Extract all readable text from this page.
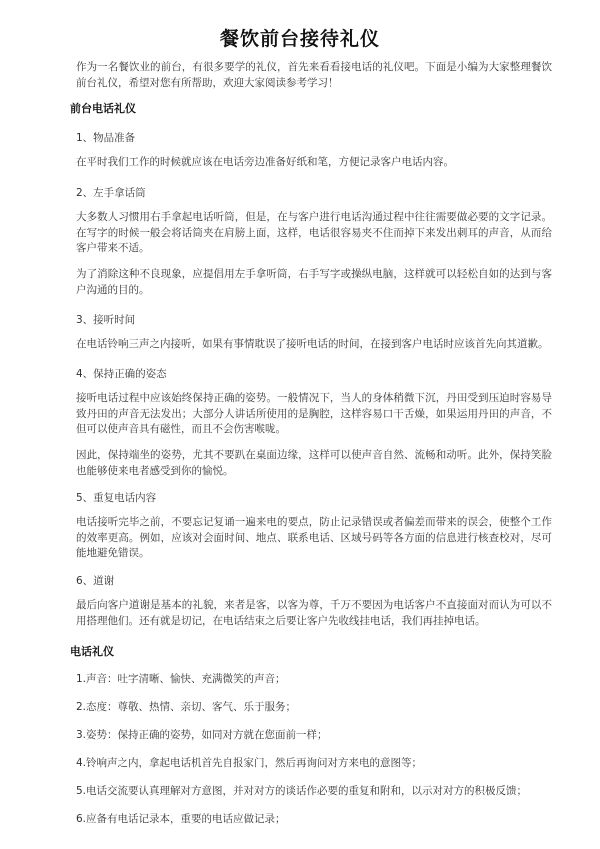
餐饮前台接待礼仪

作为一名餐饮业的前台，有很多要学的礼仪，首先来看看接电话的礼仪吧。下面是小编为大家整理餐饮前台礼仪，希望对您有所帮助，欢迎大家阅读参考学习！

前台电话礼仪
1、物品准备

在平时我们工作的时候就应该在电话旁边准备好纸和笔，方便记录客户电话内容。

2、左手拿话筒

大多数人习惯用右手拿起电话听筒，但是，在与客户进行电话沟通过程中往往需要做必要的文字记录。在写字的时候一般会将话筒夹在肩膀上面，这样，电话很容易夹不住而掉下来发出刺耳的声音，从而给客户带来不适。

为了消除这种不良现象，应提倡用左手拿听筒，右手写字或操纵电脑，这样就可以轻松自如的达到与客户沟通的目的。

3、接听时间

在电话铃响三声之内接听，如果有事情耽误了接听电话的时间，在接到客户电话时应该首先向其道歉。

4、保持正确的姿态

接听电话过程中应该始终保持正确的姿势。一般情况下，当人的身体稍微下沉，丹田受到压迫时容易导致丹田的声音无法发出；大部分人讲话所使用的是胸腔，这样容易口干舌燥，如果运用丹田的声音，不但可以使声音具有磁性，而且不会伤害喉咙。

因此，保持端坐的姿势，尤其不要趴在桌面边缘，这样可以使声音自然、流畅和动听。此外，保持笑脸也能够使来电者感受到你的愉悦。

5、重复电话内容

电话接听完毕之前，不要忘记复诵一遍来电的要点，防止记录错误或者偏差而带来的误会，使整个工作的效率更高。例如，应该对会面时间、地点、联系电话、区域号码等各方面的信息进行核查校对，尽可能地避免错误。

6、道谢

最后向客户道谢是基本的礼貌，来者是客，以客为尊，千万不要因为电话客户不直接面对而认为可以不用搭理他们。还有就是切记，在电话结束之后要让客户先收线挂电话，我们再挂掉电话。

电话礼仪

1.声音：吐字清晰、愉快、充满微笑的声音；

2.态度：尊敬、热情、亲切、客气、乐于服务；

3.姿势：保持正确的姿势，如同对方就在您面前一样；

4.铃响声之内，拿起电话机首先自报家门，然后再询问对方来电的意图等；

5.电话交流要认真理解对方意图，并对对方的谈话作必要的重复和附和，以示对对方的积极反馈；

6.应备有电话记录本，重要的电话应做记录；
